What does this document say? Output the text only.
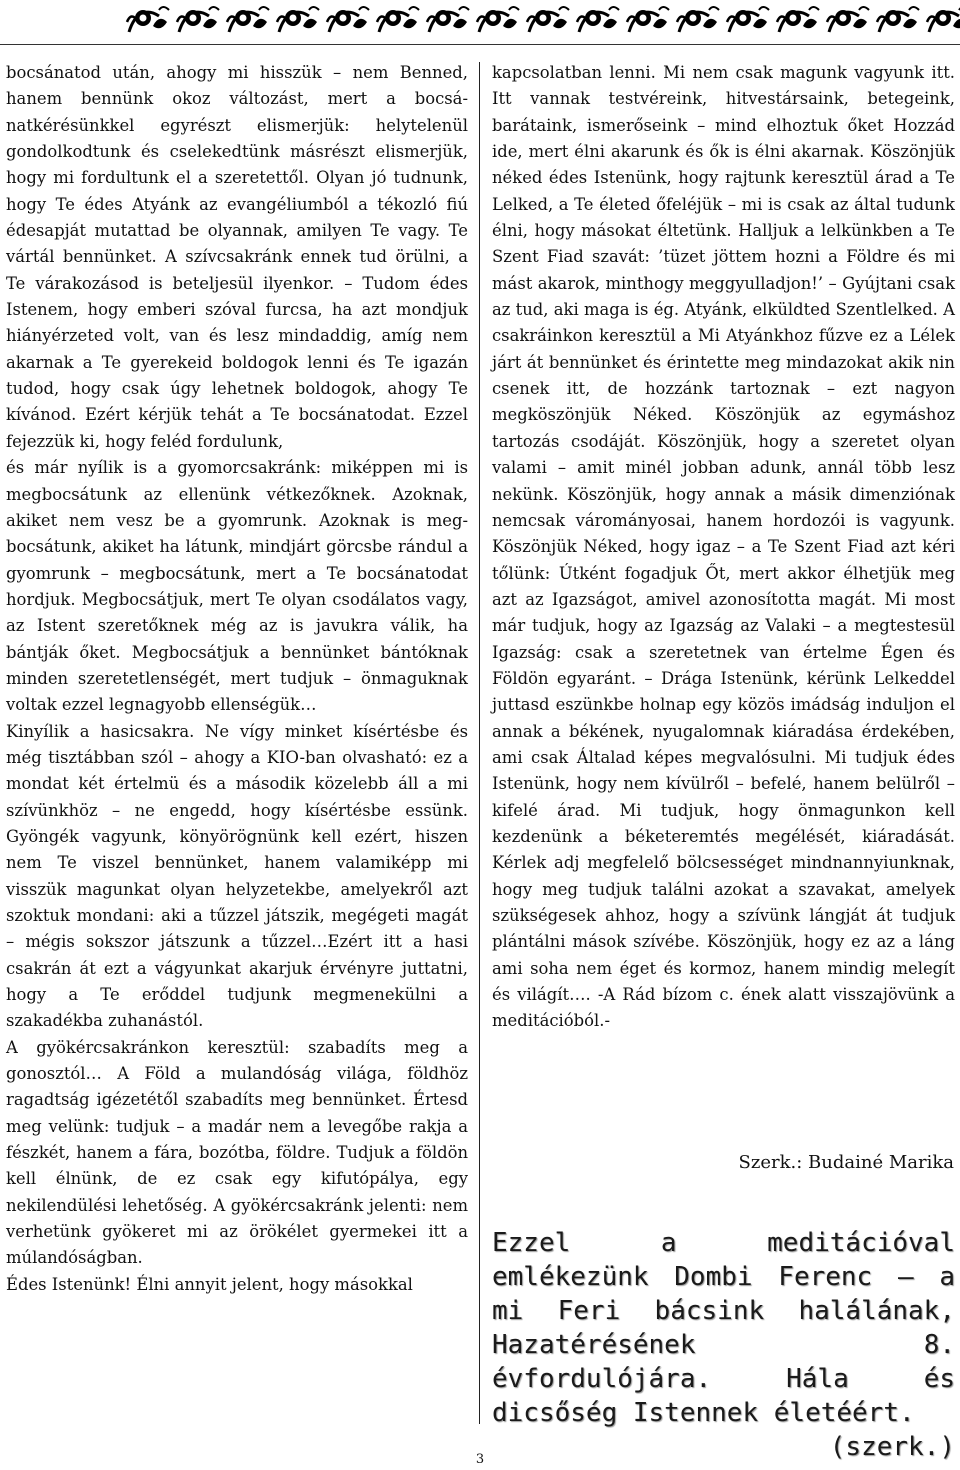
bocsánatod után, ahogy mi hisszük – nem Benned, hanem bennünk okoz változást, mert a bocsánatkérésünkkel egyrészt elismerjük: helytelenül gondolkodtunk és cselekedtünk másrészt elismerjük, hogy mi fordultunk el a szeretettől. Olyan jó tudnunk, hogy Te édes Atyánk az evangéliumból a tékozló fiú édesapját mutattad be olyannak, amilyen Te vagy. Te vártál bennünket. A szívcsakránk ennek tud örülni, a Te várakozásod is beteljesül ilyenkor. – Tudom édes Istenem, hogy emberi szóval furcsa, ha azt mondjuk hiányérzeted volt, van és lesz mindaddig, amíg nem akarnak a Te gyerekeid boldogok lenni és Te igazán tudod, hogy csak úgy lehetnek boldogok, ahogy Te kívánod. Ezért kérjük tehát a Te bocsánatodat. Ezzel fejezzük ki, hogy feléd fordulunk,

és már nyílik is a gyomorcsakránk: miképpen mi is megbocsátunk az ellenünk vétkezőknek. Azoknak, akiket nem vesz be a gyomrunk. Azoknak is megbocsátunk, akiket ha látunk, mindjárt görcsbe rándul a gyomrunk – megbocsátunk, mert a Te bocsánatodat hordjuk. Megbocsátjuk, mert Te olyan csodálatos vagy, az Istent szeretőknek még az is javukra válik, ha bántják őket. Megbocsátjuk a bennünket bántóknak minden szeretetlenségét, mert tudjuk – önmaguknak voltak ezzel legnagyobb ellenségük…

Kinyílik a hasicsakra. Ne vígy minket kísértésbe és még tisztábban szól – ahogy a KIO-ban olvasható: ez a mondat két értelmü és a második közelebb áll a mi szívünkhöz – ne engedd, hogy kísértésbe essünk. Gyöngék vagyunk, könyörögnünk kell ezért, hiszen nem Te viszel bennünket, hanem valamiképp mi visszük magunkat olyan helyzetekbe, amelyekről azt szoktuk mondani: aki a tűzzel játszik, megégeti magát – mégis sokszor játszunk a tűzzel…Ezért itt a hasi csakrán át ezt a vágyunkat akarjuk érvényre juttatni, hogy a Te erőddel tudjunk megmenekülni a szakadékba zuhanástól.

A gyökércsakránkon keresztül: szabadíts meg a gonosztól… A Föld a mulandóság világa, földhöz ragadtság igézetétől szabadíts meg bennünket. Értesd meg velünk: tudjuk – a madár nem a levegőbe rakja a fészkét, hanem a fára, bozótba, földre. Tudjuk a földön kell élnünk, de ez csak egy kifutópálya, egy nekilendülési lehetőség. A gyökércsakránk jelenti: nem verhetünk gyökeret mi az örökélet gyermekei itt a múlandóságban.

Édes Istenünk! Élni annyit jelent, hogy másokkal

kapcsolatban lenni. Mi nem csak magunk vagyunk itt. Itt vannak testvéreink, hitvestársaink, betegeink, barátaink, ismerőseink – mind elhoztuk őket Hozzád ide, mert élni akarunk és ők is élni akarnak. Köszönjük néked édes Istenünk, hogy rajtunk keresztül árad a Te Lelked, a Te életed őfeléjük – mi is csak az által tudunk élni, hogy másokat éltetünk. Halljuk a lelkünkben a Te Szent Fiad szavát: ’tüzet jöttem hozni a Földre és mi mást akarok, minthogy meggyulladjon!’ – Gyújtani csak az tud, aki maga is ég. Atyánk, elküldted Szentlelked. A csakráinkon keresztül a Mi Atyánkhoz fűzve ez a Lélek járt át bennünket és érintette meg mindazokat akik nin csenek itt, de hozzánk tartoznak – ezt nagyon megköszönjük Néked. Köszönjük az egymáshoz tartozás csodáját. Köszönjük, hogy a szeretet olyan valami – amit minél jobban adunk, annál több lesz nekünk. Köszönjük, hogy annak a másik dimenziónak nemcsak várományosai, hanem hordozói is vagyunk. Köszönjük Néked, hogy igaz – a Te Szent Fiad azt kéri tőlünk: Útként fogadjuk Őt, mert akkor élhetjük meg azt az Igazságot, amivel azonosította magát. Mi most már tudjuk, hogy az Igazság az Valaki – a megtestesül Igazság: csak a szeretetnek van értelme Égen és Földön egyaránt. – Drága Istenünk, kérünk Lelkeddel juttasd eszünkbe holnap egy közös imádság induljon el annak a békének, nyugalomnak kiáradása érdekében, ami csak Általad képes megvalósulni. Mi tudjuk édes Istenünk, hogy nem kívülről – befelé, hanem belülről – kifelé árad. Mi tudjuk, hogy önmagunkon kell kezdenünk a béketeremtés megélését, kiáradását. Kérlek adj megfelelő bölcsességet mindnannyiunknak, hogy meg tudjuk találni azokat a szavakat, amelyek szükségesek ahhoz, hogy a szívünk lángját át tudjuk plántálni mások szívébe. Köszönjük, hogy ez az a láng ami soha nem éget és kormoz, hanem mindig melegít és világít…. -A Rád bízom c. ének alatt visszajövünk a meditációból.-

Szerk.: Budainé Marika
Ezzel a meditációval emlékezünk Dombi Ferenc – a mi Feri bácsink halálának, Hazatérésének 8. évfordulójára. Hála és dicsőség Istennek életéért.
(szerk.)
3
